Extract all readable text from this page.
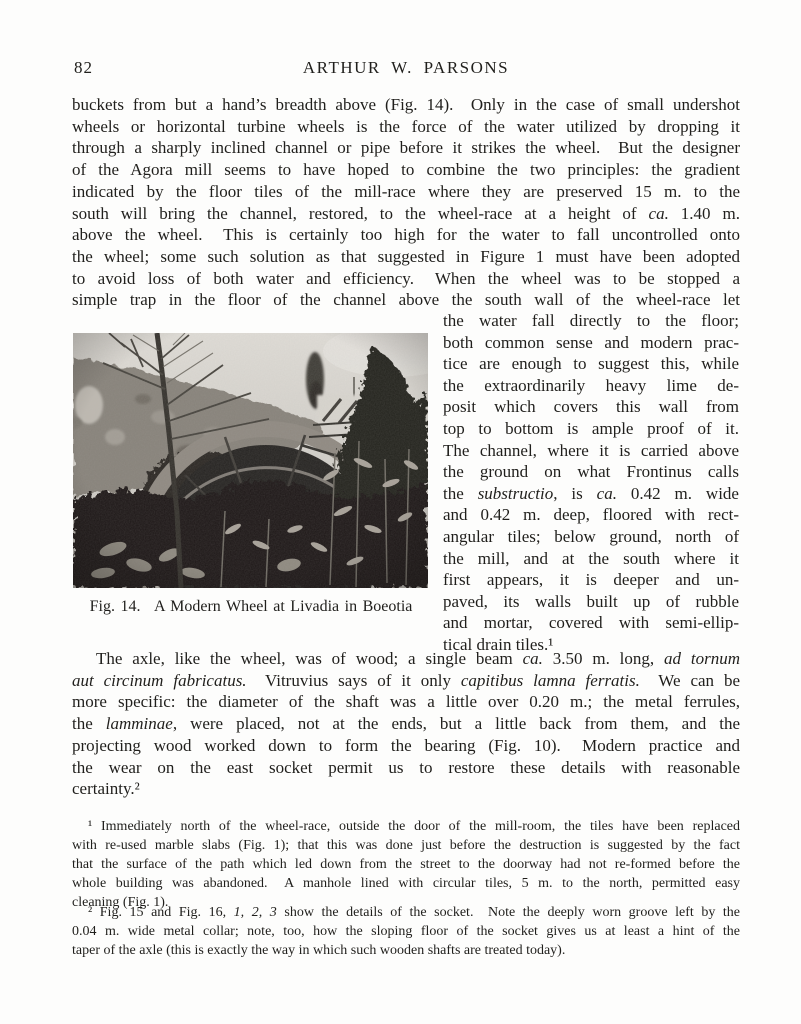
82	ARTHUR W. PARSONS
buckets from but a hand’s breadth above (Fig. 14).  Only in the case of small undershot
wheels or horizontal turbine wheels is the force of the water utilized by dropping it
through a sharply inclined channel or pipe before it strikes the wheel.  But the designer
of the Agora mill seems to have hoped to combine the two principles: the gradient
indicated by the floor tiles of the mill-race where they are preserved 15 m. to the
south will bring the channel, restored, to the wheel-race at a height of ca. 1.40 m.
above the wheel.  This is certainly too high for the water to fall uncontrolled onto
the wheel; some such solution as that suggested in Figure 1 must have been adopted
to avoid loss of both water and efficiency.  When the wheel was to be stopped a
simple trap in the floor of the channel above the south wall of the wheel-race let
the water fall directly to the floor;
both common sense and modern prac-
tice are enough to suggest this, while
the extraordinarily heavy lime de-
posit which covers this wall from
top to bottom is ample proof of it.
The channel, where it is carried above
the ground on what Frontinus calls
the substructio, is ca. 0.42 m. wide
and 0.42 m. deep, floored with rect-
angular tiles; below ground, north of
the mill, and at the south where it
first appears, it is deeper and un-
paved, its walls built up of rubble
and mortar, covered with semi-ellip-
tical drain tiles.¹
Fig. 14.  A Modern Wheel at Livadia in Boeotia
The axle, like the wheel, was of wood; a single beam ca. 3.50 m. long, ad tornum
aut circinum fabricatus.  Vitruvius says of it only capitibus lamna ferratis.  We can be
more specific: the diameter of the shaft was a little over 0.20 m.; the metal ferrules,
the lamminae, were placed, not at the ends, but a little back from them, and the
projecting wood worked down to form the bearing (Fig. 10).  Modern practice and
the wear on the east socket permit us to restore these details with reasonable
certainty.²
¹ Immediately north of the wheel-race, outside the door of the mill-room, the tiles have been replaced
with re-used marble slabs (Fig. 1); that this was done just before the destruction is suggested by the fact
that the surface of the path which led down from the street to the doorway had not re-formed before the
whole building was abandoned.  A manhole lined with circular tiles, 5 m. to the north, permitted easy
cleaning (Fig. 1).
² Fig. 15 and Fig. 16, 1, 2, 3 show the details of the socket.  Note the deeply worn groove left by the
0.04 m. wide metal collar; note, too, how the sloping floor of the socket gives us at least a hint of the
taper of the axle (this is exactly the way in which such wooden shafts are treated today).
